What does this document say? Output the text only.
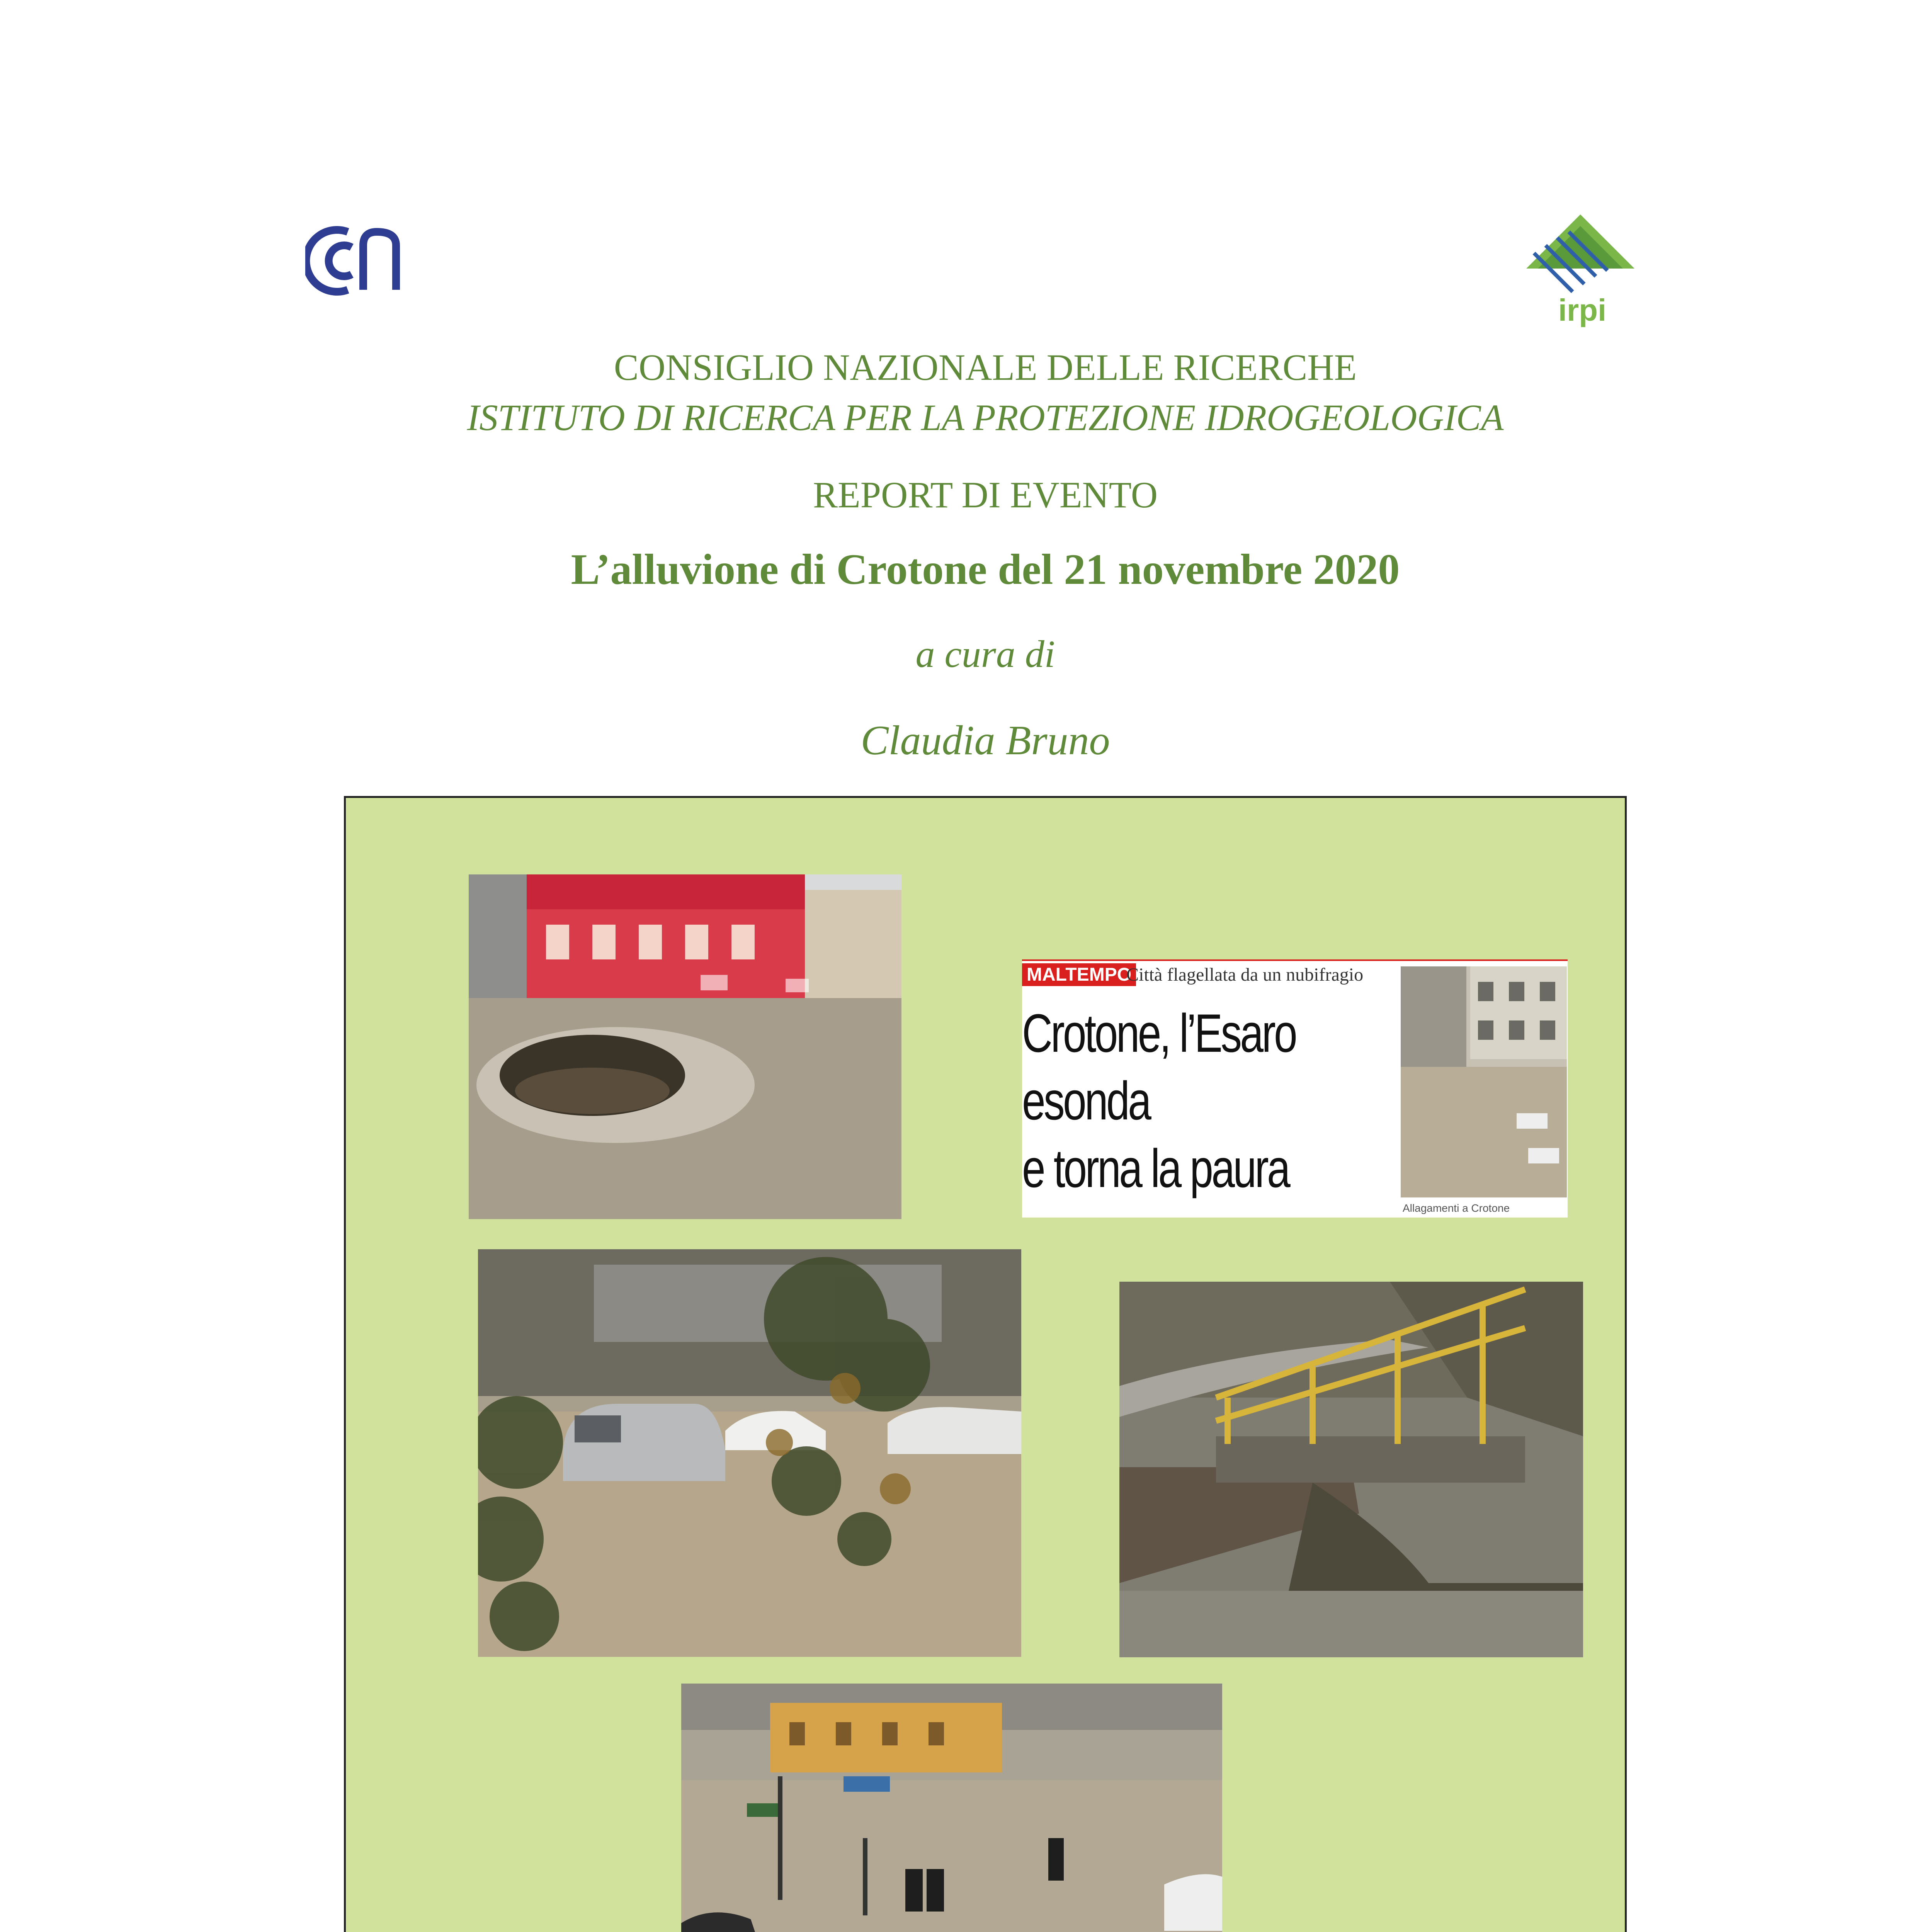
irpi
CONSIGLIO NAZIONALE DELLE RICERCHE
ISTITUTO DI RICERCA PER LA PROTEZIONE IDROGEOLOGICA
REPORT DI EVENTO
L’alluvione di Crotone del 21 novembre 2020
a cura di
Claudia Bruno
MALTEMPO
Città flagellata da un nubifragio
Crotone, l’Esaro
esonda
e torna la paura
Allagamenti a Crotone
